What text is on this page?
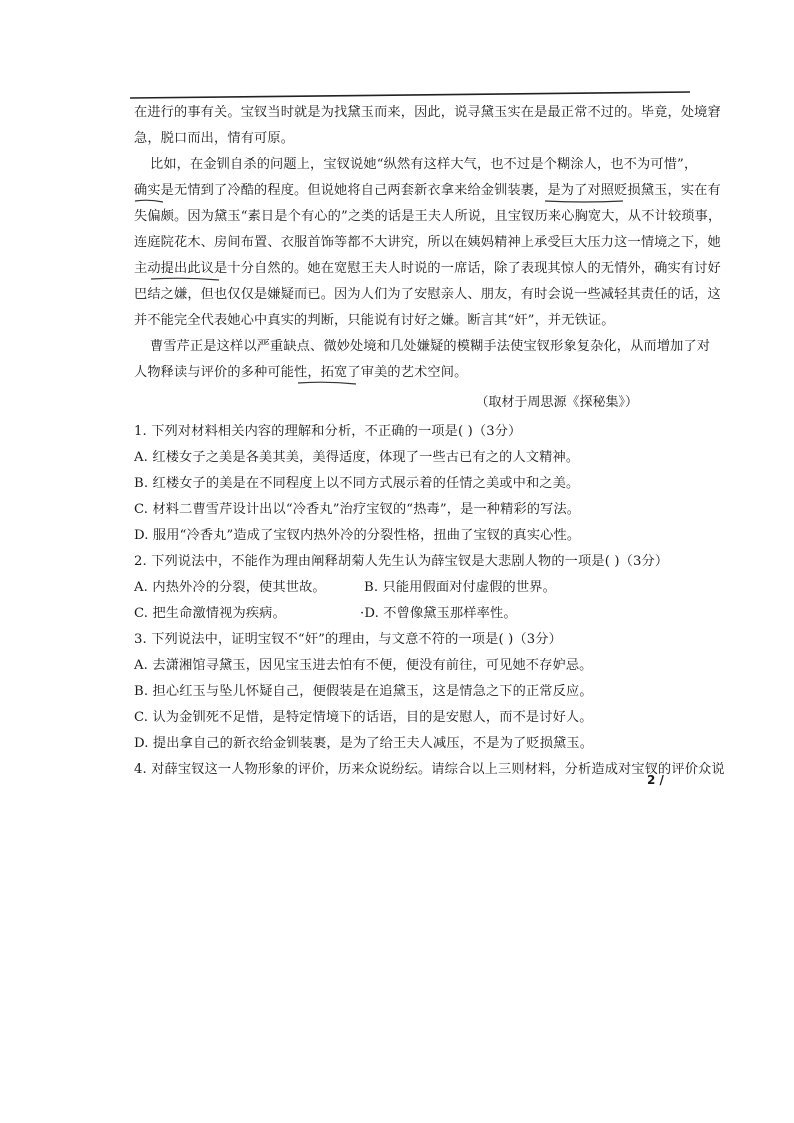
在进行的事有关。宝钗当时就是为找黛玉而来，因此，说寻黛玉实在是最正常不过的。毕竟，处境窘
急，脱口而出，情有可原。
比如，在金钏自杀的问题上，宝钗说她“纵然有这样大气，也不过是个糊涂人，也不为可惜”，
确实是无情到了冷酷的程度。但说她将自己两套新衣拿来给金钏装裹，是为了对照贬损黛玉，实在有
失偏颇。因为黛玉“素日是个有心的”之类的话是王夫人所说，且宝钗历来心胸宽大，从不计较琐事，
连庭院花木、房间布置、衣服首饰等都不大讲究，所以在姨妈精神上承受巨大压力这一情境之下，她
主动提出此议是十分自然的。她在宽慰王夫人时说的一席话，除了表现其惊人的无情外，确实有讨好
巴结之嫌，但也仅仅是嫌疑而已。因为人们为了安慰亲人、朋友，有时会说一些减轻其责任的话，这
并不能完全代表她心中真实的判断，只能说有讨好之嫌。断言其“奸”，并无铁证。
曹雪芹正是这样以严重缺点、微妙处境和几处嫌疑的模糊手法使宝钗形象复杂化，从而增加了对
人物释读与评价的多种可能性，拓宽了审美的艺术空间。
（取材于周思源《探秘集》）
1. 下列对材料相关内容的理解和分析，不正确的一项是( )（3分）
A. 红楼女子之美是各美其美，美得适度，体现了一些古已有之的人文精神。
B. 红楼女子的美是在不同程度上以不同方式展示着的任情之美或中和之美。
C. 材料二曹雪芹设计出以“冷香丸”治疗宝钗的“热毒”，是一种精彩的写法。
D. 服用“冷香丸”造成了宝钗内热外冷的分裂性格，扭曲了宝钗的真实心性。
2. 下列说法中，不能作为理由阐释胡菊人先生认为薛宝钗是大悲剧人物的一项是( )（3分）
A. 内热外冷的分裂，使其世故。	B. 只能用假面对付虚假的世界。
C. 把生命激情视为疾病。	·D. 不曾像黛玉那样率性。
3. 下列说法中，证明宝钗不“奸”的理由，与文意不符的一项是( )（3分）
A. 去潇湘馆寻黛玉，因见宝玉进去怕有不便，便没有前往，可见她不存妒忌。
B. 担心红玉与坠儿怀疑自己，便假装是在追黛玉，这是情急之下的正常反应。
C. 认为金钏死不足惜，是特定情境下的话语，目的是安慰人，而不是讨好人。
D. 提出拿自己的新衣给金钏装裹，是为了给王夫人减压，不是为了贬损黛玉。
4. 对薛宝钗这一人物形象的评价，历来众说纷纭。请综合以上三则材料，分析造成对宝钗的评价众说
2 /
